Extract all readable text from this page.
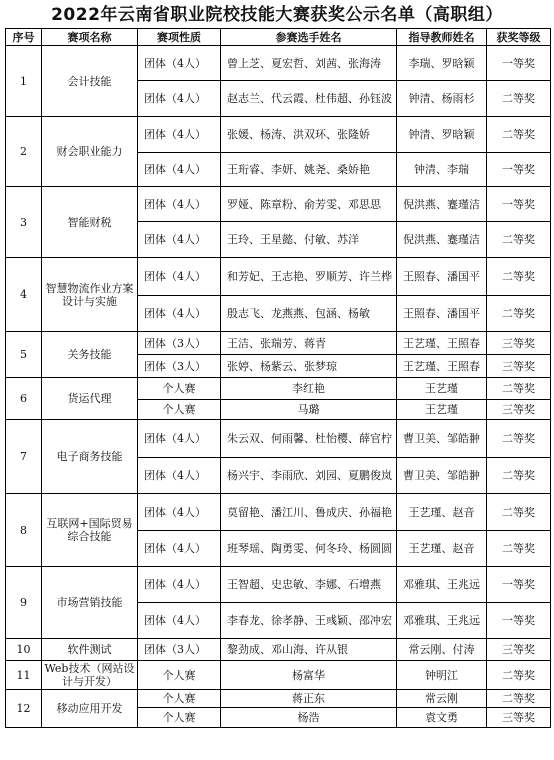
2022年云南省职业院校技能大赛获奖公示名单（高职组）
序号	赛项名称	赛项性质	参赛选手姓名	指导教师姓名	获奖等级
1	会计技能	团体（4人）	曾上芝、夏宏哲、刘茜、张海涛	李瑞、罗晗颖	一等奖
		团体（4人）	赵志兰、代云霞、杜伟超、孙钰波	钟清、杨雨杉	二等奖
2	财会职业能力	团体（4人）	张媛、杨涛、洪双环、张隆娇	钟清、罗晗颖	二等奖
		团体（4人）	王珩睿、李妍、姚尧、桑娇艳	钟清、李瑞	一等奖
3	智能财税	团体（4人）	罗娅、陈章粉、俞芳雯、邓思思	倪洪燕、蹇瑾洁	一等奖
		团体（4人）	王玲、王星懿、付敏、苏洋	倪洪燕、蹇瑾洁	二等奖
4	智慧物流作业方案设计与实施	团体（4人）	和芳妃、王志艳、罗顺芳、许兰桦	王照春、潘国平	二等奖
		团体（4人）	殷志飞、龙燕燕、包涵、杨敏	王照春、潘国平	二等奖
5	关务技能	团体（3人）	王洁、张瑞芳、蒋青	王艺瑾、王照春	三等奖
		团体（3人）	张婷、杨紫云、张梦琼	王艺瑾、王照春	三等奖
6	货运代理	个人赛	李红艳	王艺瑾	二等奖
		个人赛	马璐	王艺瑾	三等奖
7	电子商务技能	团体（4人）	朱云双、何雨馨、杜怡樱、薛官柠	曹卫美、邹皓翀	二等奖
		团体（4人）	杨兴宇、李雨欣、刘园、夏鹏俊岚	曹卫美、邹皓翀	二等奖
8	互联网+国际贸易综合技能	团体（4人）	莫留艳、潘江川、鲁成庆、孙福艳	王艺瑾、赵音	二等奖
		团体（4人）	班琴瑶、陶勇雯、何冬玲、杨圆圆	王艺瑾、赵音	二等奖
9	市场营销技能	团体（4人）	王智超、史忠敏、李娜、石增燕	邓雅琪、王兆远	一等奖
		团体（4人）	李春龙、徐孝静、王彧颖、邵冲宏	邓雅琪、王兆远	一等奖
10	软件测试	团体（3人）	黎劲成、邓山海、许从银	常云刚、付涛	三等奖
11	Web技术（网站设计与开发）	个人赛	杨富华	钟明江	二等奖
12	移动应用开发	个人赛	蒋正东	常云刚	二等奖
		个人赛	杨浩	袁文勇	三等奖
